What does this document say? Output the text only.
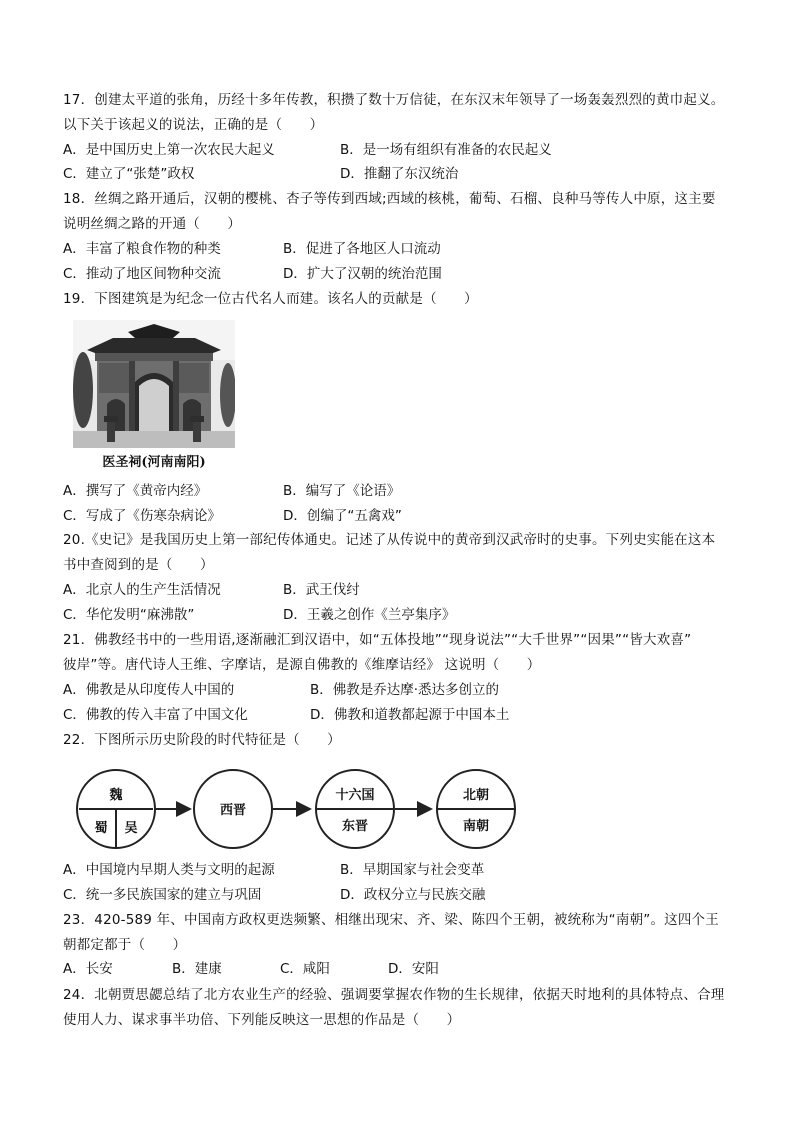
17．创建太平道的张角，历经十多年传教，积攒了数十万信徒，在东汉末年领导了一场轰轰烈烈的黄巾起义。
以下关于该起义的说法，正确的是（　　）
A．是中国历史上第一次农民大起义	B．是一场有组织有准备的农民起义
C．建立了“张楚”政权	D．推翻了东汉统治
18．丝绸之路开通后，汉朝的樱桃、杏子等传到西域;西域的核桃，葡萄、石榴、良种马等传人中原，这主要
说明丝绸之路的开通（　　）
A．丰富了粮食作物的种类	B．促进了各地区人口流动
C．推动了地区间物种交流	D．扩大了汉朝的统治范围
19．下图建筑是为纪念一位古代名人而建。该名人的贡献是（　　）
医圣祠(河南南阳)
A．撰写了《黄帝内经》	B．编写了《论语》
C．写成了《伤寒杂病论》	D．创编了“五禽戏”
20.《史记》是我国历史上第一部纪传体通史。记述了从传说中的黄帝到汉武帝时的史事。下列史实能在这本
书中查阅到的是（　　）
A．北京人的生产生活情况	B．武王伐纣
C．华佗发明“麻沸散”	D．王羲之创作《兰亭集序》
21．佛教经书中的一些用语,逐渐融汇到汉语中，如“五体投地”“现身说法”“大千世界”“因果”“皆大欢喜”
彼岸”等。唐代诗人王维、字摩诘，是源自佛教的《维摩诘经》 这说明（　　）
A．佛教是从印度传人中国的	B．佛教是乔达摩·悉达多创立的
C．佛教的传入丰富了中国文化	D．佛教和道教都起源于中国本土
22．下图所示历史阶段的时代特征是（　　）
魏
蜀 吴
西晋
十六国
东晋
北朝
南朝
A．中国境内早期人类与文明的起源	B．早期国家与社会变革
C．统一多民族国家的建立与巩固	D．政权分立与民族交融
23．420-589 年、中国南方政权更迭频繁、相继出现宋、齐、梁、陈四个王朝，被统称为“南朝”。这四个王
朝都定都于（　　）
A．长安	B．建康	C．咸阳	D．安阳
24．北朝贾思勰总结了北方农业生产的经验、强调要掌握农作物的生长规律，依据天时地利的具体特点、合理
使用人力、谋求事半功倍、下列能反映这一思想的作品是（　　）
